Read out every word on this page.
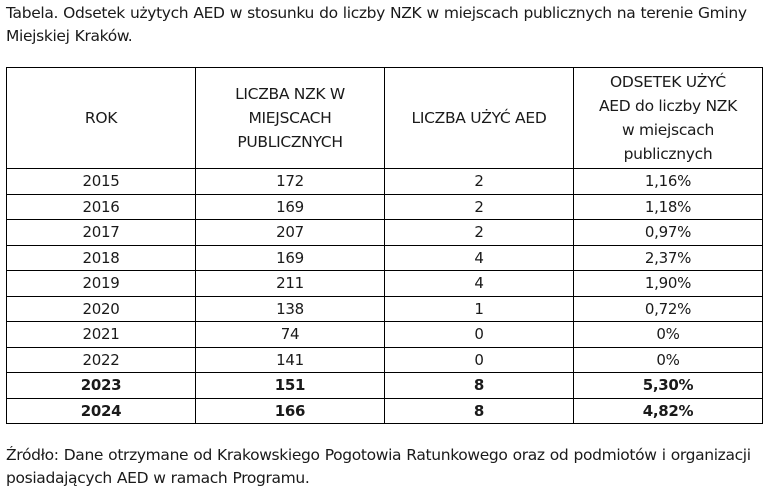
Tabela. Odsetek użytych AED w stosunku do liczby NZK w miejscach publicznych na terenie Gminy Miejskiej Kraków.
ROK	LICZBA NZK W MIEJSCACH PUBLICZNYCH	LICZBA UŻYĆ AED	ODSETEK UŻYĆ AED do liczby NZK w miejscach publicznych
2015	172	2	1,16%
2016	169	2	1,18%
2017	207	2	0,97%
2018	169	4	2,37%
2019	211	4	1,90%
2020	138	1	0,72%
2021	74	0	0%
2022	141	0	0%
2023	151	8	5,30%
2024	166	8	4,82%
Źródło: Dane otrzymane od Krakowskiego Pogotowia Ratunkowego oraz od podmiotów i organizacji posiadających AED w ramach Programu.
